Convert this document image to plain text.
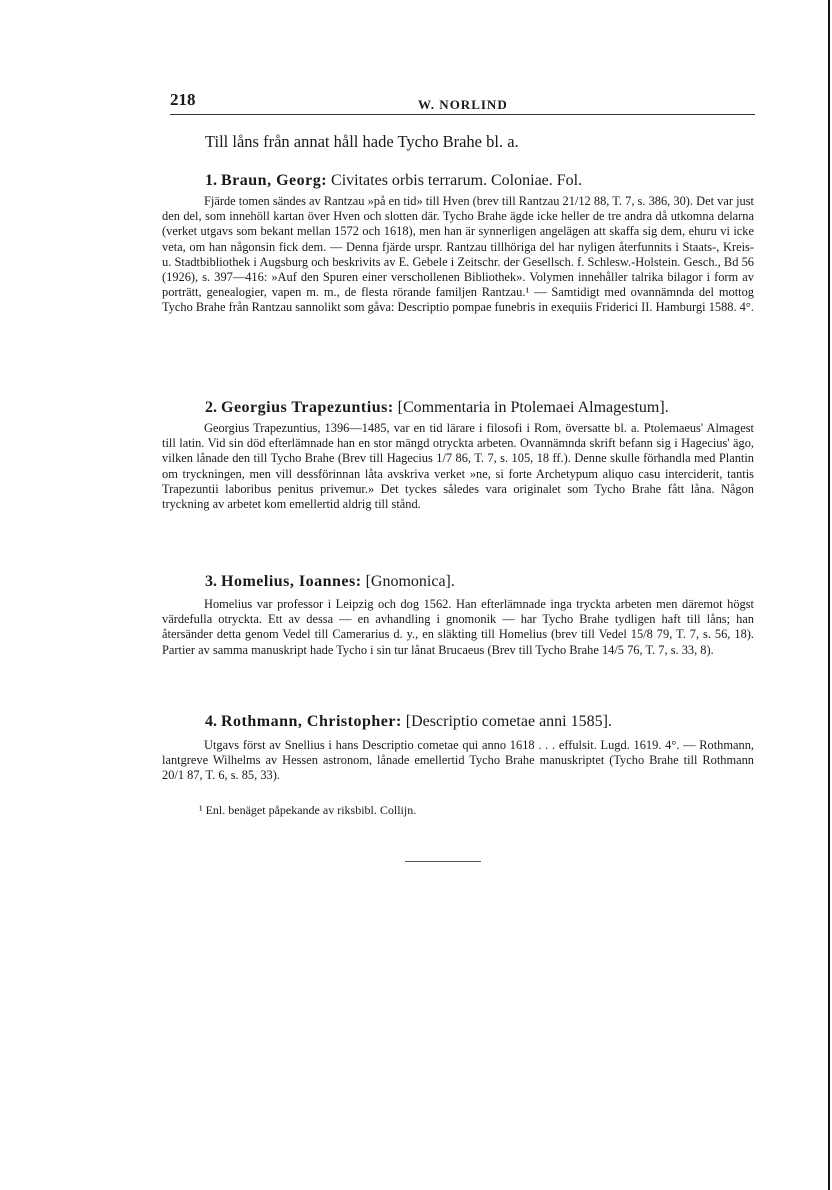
218	W. NORLIND
Till låns från annat håll hade Tycho Brahe bl. a.
1. Braun, Georg: Civitates orbis terrarum. Coloniae. Fol.

Fjärde tomen sändes av Rantzau »på en tid» till Hven (brev till Rantzau 21/12 88, T. 7, s. 386, 30). Det var just den del, som innehöll kartan över Hven och slotten där. Tycho Brahe ägde icke heller de tre andra då utkomna delarna (verket utgavs som bekant mellan 1572 och 1618), men han är synnerligen angelägen att skaffa sig dem, ehuru vi icke veta, om han någonsin fick dem. — Denna fjärde urspr. Rantzau tillhöriga del har nyligen återfunnits i Staats-, Kreis- u. Stadtbibliothek i Augsburg och beskrivits av E. Gebele i Zeitschr. der Gesellsch. f. Schlesw.-Holstein. Gesch., Bd 56 (1926), s. 397—416: »Auf den Spuren einer verschollenen Bibliothek». Volymen innehåller talrika bilagor i form av porträtt, genealogier, vapen m. m., de flesta rörande familjen Rantzau.¹ — Samtidigt med ovannämnda del mottog Tycho Brahe från Rantzau sannolikt som gåva: Descriptio pompae funebris in exequiis Friderici II. Hamburgi 1588. 4°.

2. Georgius Trapezuntius: [Commentaria in Ptolemaei Almagestum].

Georgius Trapezuntius, 1396—1485, var en tid lärare i filosofi i Rom, översatte bl. a. Ptolemaeus' Almagest till latin. Vid sin död efterlämnade han en stor mängd otryckta arbeten. Ovannämnda skrift befann sig i Hagecius' ägo, vilken lånade den till Tycho Brahe (Brev till Hagecius 1/7 86, T. 7, s. 105, 18 ff.). Denne skulle förhandla med Plantin om tryckningen, men vill dessförinnan låta avskriva verket »ne, si forte Archetypum aliquo casu interciderit, tantis Trapezuntii laboribus penitus privemur.» Det tyckes således vara originalet som Tycho Brahe fått låna. Någon tryckning av arbetet kom emellertid aldrig till stånd.

3. Homelius, Ioannes: [Gnomonica].

Homelius var professor i Leipzig och dog 1562. Han efterlämnade inga tryckta arbeten men däremot högst värdefulla otryckta. Ett av dessa — en avhandling i gnomonik — har Tycho Brahe tydligen haft till låns; han återsänder detta genom Vedel till Camerarius d. y., en släkting till Homelius (brev till Vedel 15/8 79, T. 7, s. 56, 18). Partier av samma manuskript hade Tycho i sin tur lånat Brucaeus (Brev till Tycho Brahe 14/5 76, T. 7, s. 33, 8).

4. Rothmann, Christopher: [Descriptio cometae anni 1585].

Utgavs först av Snellius i hans Descriptio cometae qui anno 1618 . . . effulsit. Lugd. 1619. 4°. — Rothmann, lantgreve Wilhelms av Hessen astronom, lånade emellertid Tycho Brahe manuskriptet (Tycho Brahe till Rothmann 20/1 87, T. 6, s. 85, 33).

¹ Enl. benäget påpekande av riksbibl. Collijn.
